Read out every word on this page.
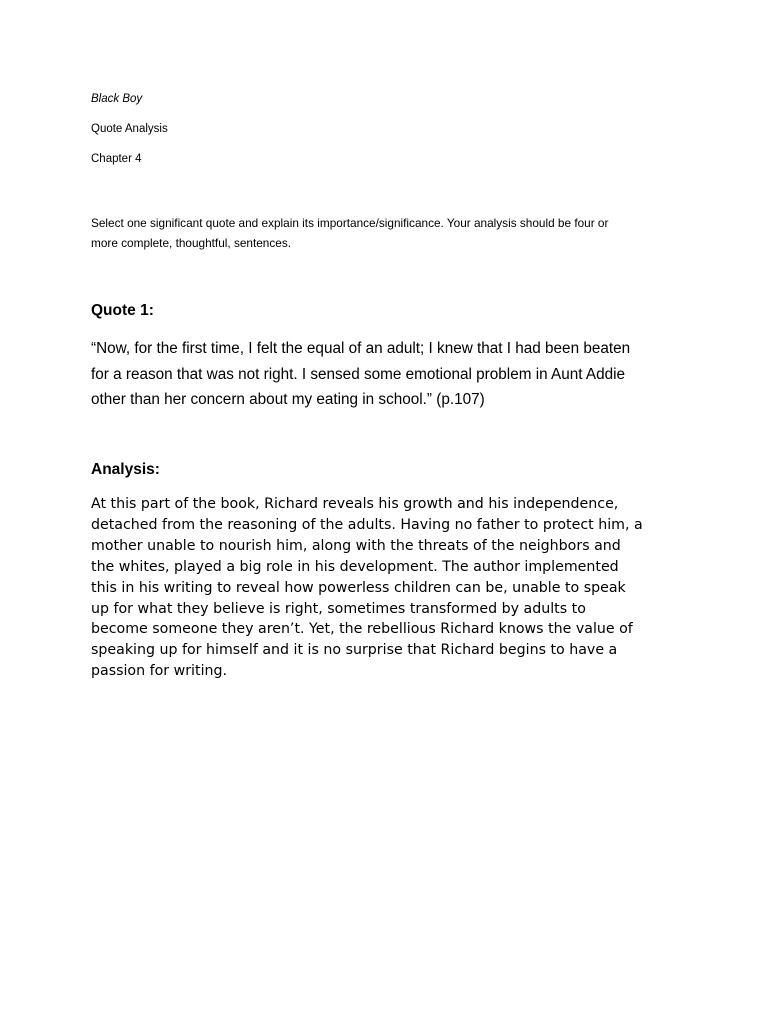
Black Boy

Quote Analysis

Chapter 4

Select one significant quote and explain its importance/significance. Your analysis should be four or
more complete, thoughtful, sentences.

Quote 1:

“Now, for the first time, I felt the equal of an adult; I knew that I had been beaten
for a reason that was not right. I sensed some emotional problem in Aunt Addie
other than her concern about my eating in school.” (p.107)

Analysis:

At this part of the book, Richard reveals his growth and his independence,
detached from the reasoning of the adults. Having no father to protect him, a
mother unable to nourish him, along with the threats of the neighbors and
the whites, played a big role in his development. The author implemented
this in his writing to reveal how powerless children can be, unable to speak
up for what they believe is right, sometimes transformed by adults to
become someone they aren’t. Yet, the rebellious Richard knows the value of
speaking up for himself and it is no surprise that Richard begins to have a
passion for writing.
